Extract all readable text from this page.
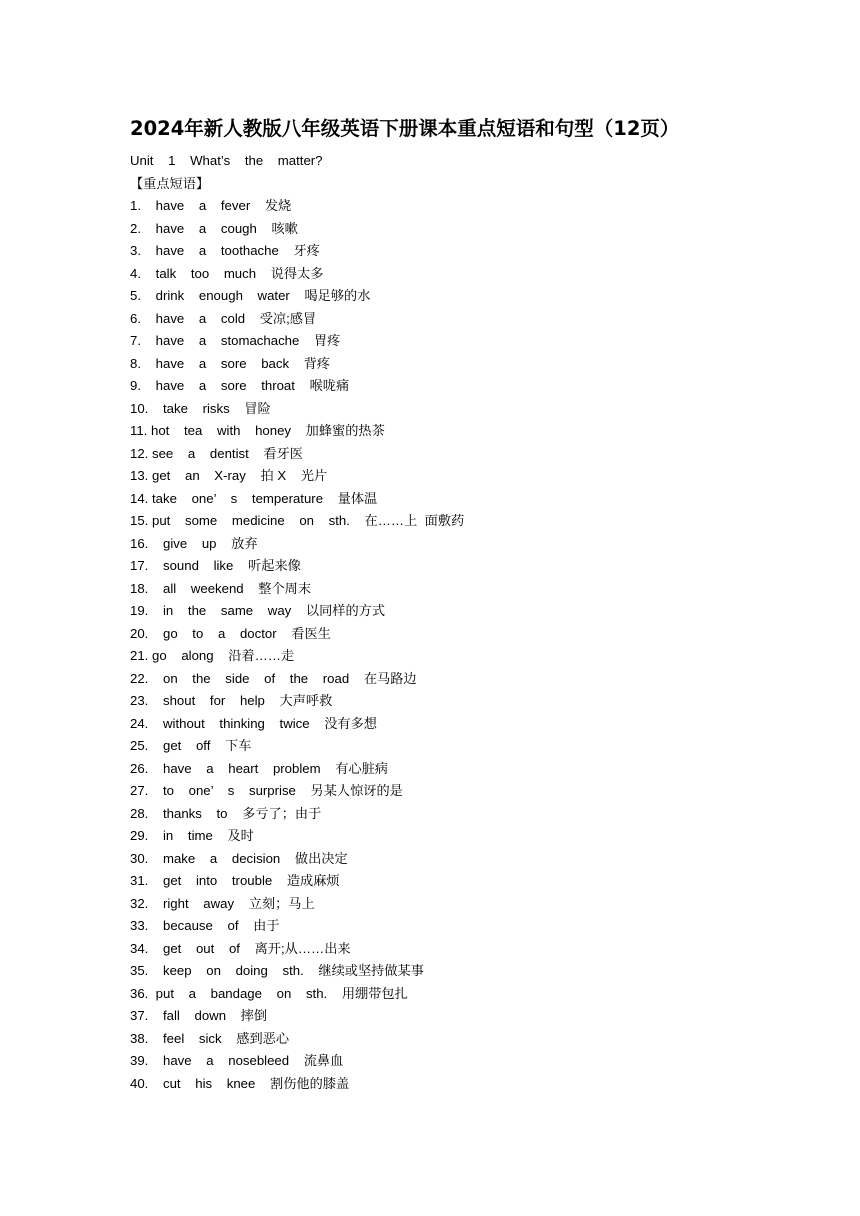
2024年新人教版八年级英语下册课本重点短语和句型（12页）
Unit    1    What’s    the    matter?
【重点短语】
1.    have    a    fever    发烧
2.    have    a    cough    咳嗽
3.    have    a    toothache    牙疼
4.    talk    too    much    说得太多
5.    drink    enough    water    喝足够的水
6.    have    a    cold    受凉;感冒
7.    have    a    stomachache    胃疼
8.    have    a    sore    back    背疼
9.    have    a    sore    throat    喉咙痛
10.    take    risks    冒险
11. hot    tea    with    honey    加蜂蜜的热茶
12. see    a    dentist    看牙医
13. get    an    X-ray    拍 X    光片
14. take    one’    s    temperature    量体温
15. put    some    medicine    on    sth.    在……上  面敷药
16.    give    up    放弃
17.    sound    like    听起来像
18.    all    weekend    整个周末
19.    in    the    same    way    以同样的方式
20.    go    to    a    doctor    看医生
21. go    along    沿着……走
22.    on    the    side    of    the    road    在马路边
23.    shout    for    help    大声呼救
24.    without    thinking    twice    没有多想
25.    get    off    下车
26.    have    a    heart    problem    有心脏病
27.    to    one’    s    surprise    另某人惊讶的是
28.    thanks    to    多亏了；由于
29.    in    time    及时
30.    make    a    decision    做出决定
31.    get    into    trouble    造成麻烦
32.    right    away    立刻；马上
33.    because    of    由于
34.    get    out    of    离开;从……出来
35.    keep    on    doing    sth.    继续或坚持做某事
36.  put    a    bandage    on    sth.    用绷带包扎
37.    fall    down    摔倒
38.    feel    sick    感到恶心
39.    have    a    nosebleed    流鼻血
40.    cut    his    knee    割伤他的膝盖
